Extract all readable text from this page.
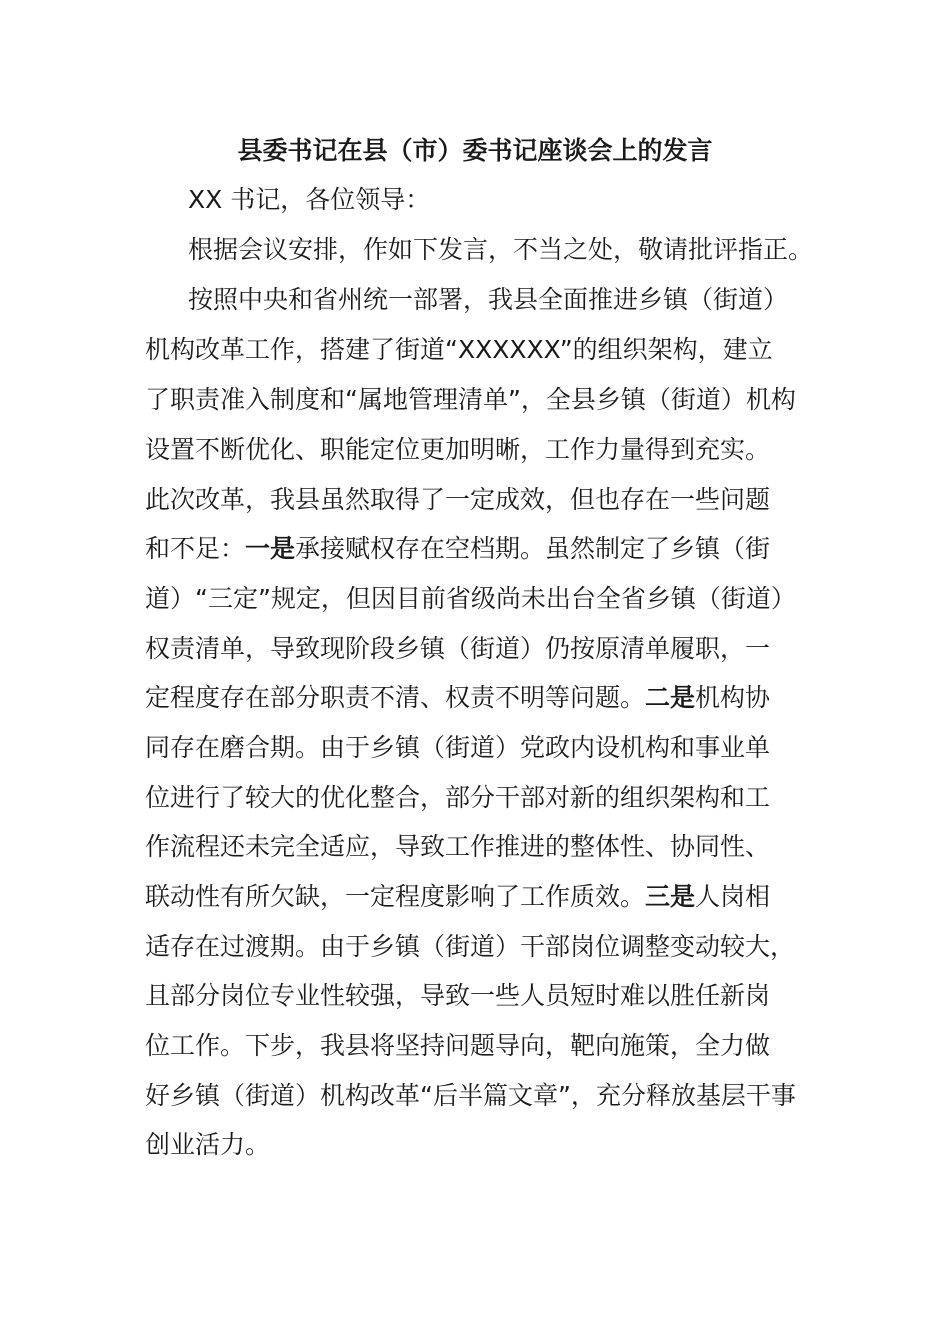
县委书记在县（市）委书记座谈会上的发言

XX 书记，各位领导：

根据会议安排，作如下发言，不当之处，敬请批评指正。

按照中央和省州统一部署，我县全面推进乡镇（街道）

机构改革工作，搭建了街道“XXXXXX”的组织架构，建立

了职责准入制度和“属地管理清单”，全县乡镇（街道）机构

设置不断优化、职能定位更加明晰，工作力量得到充实。

此次改革，我县虽然取得了一定成效，但也存在一些问题

和不足：一是承接赋权存在空档期。虽然制定了乡镇（街

道）“三定”规定，但因目前省级尚未出台全省乡镇（街道）

权责清单，导致现阶段乡镇（街道）仍按原清单履职，一

定程度存在部分职责不清、权责不明等问题。二是机构协

同存在磨合期。由于乡镇（街道）党政内设机构和事业单

位进行了较大的优化整合，部分干部对新的组织架构和工

作流程还未完全适应，导致工作推进的整体性、协同性、

联动性有所欠缺，一定程度影响了工作质效。三是人岗相

适存在过渡期。由于乡镇（街道）干部岗位调整变动较大，

且部分岗位专业性较强，导致一些人员短时难以胜任新岗

位工作。下步，我县将坚持问题导向，靶向施策，全力做

好乡镇（街道）机构改革“后半篇文章”，充分释放基层干事

创业活力。
